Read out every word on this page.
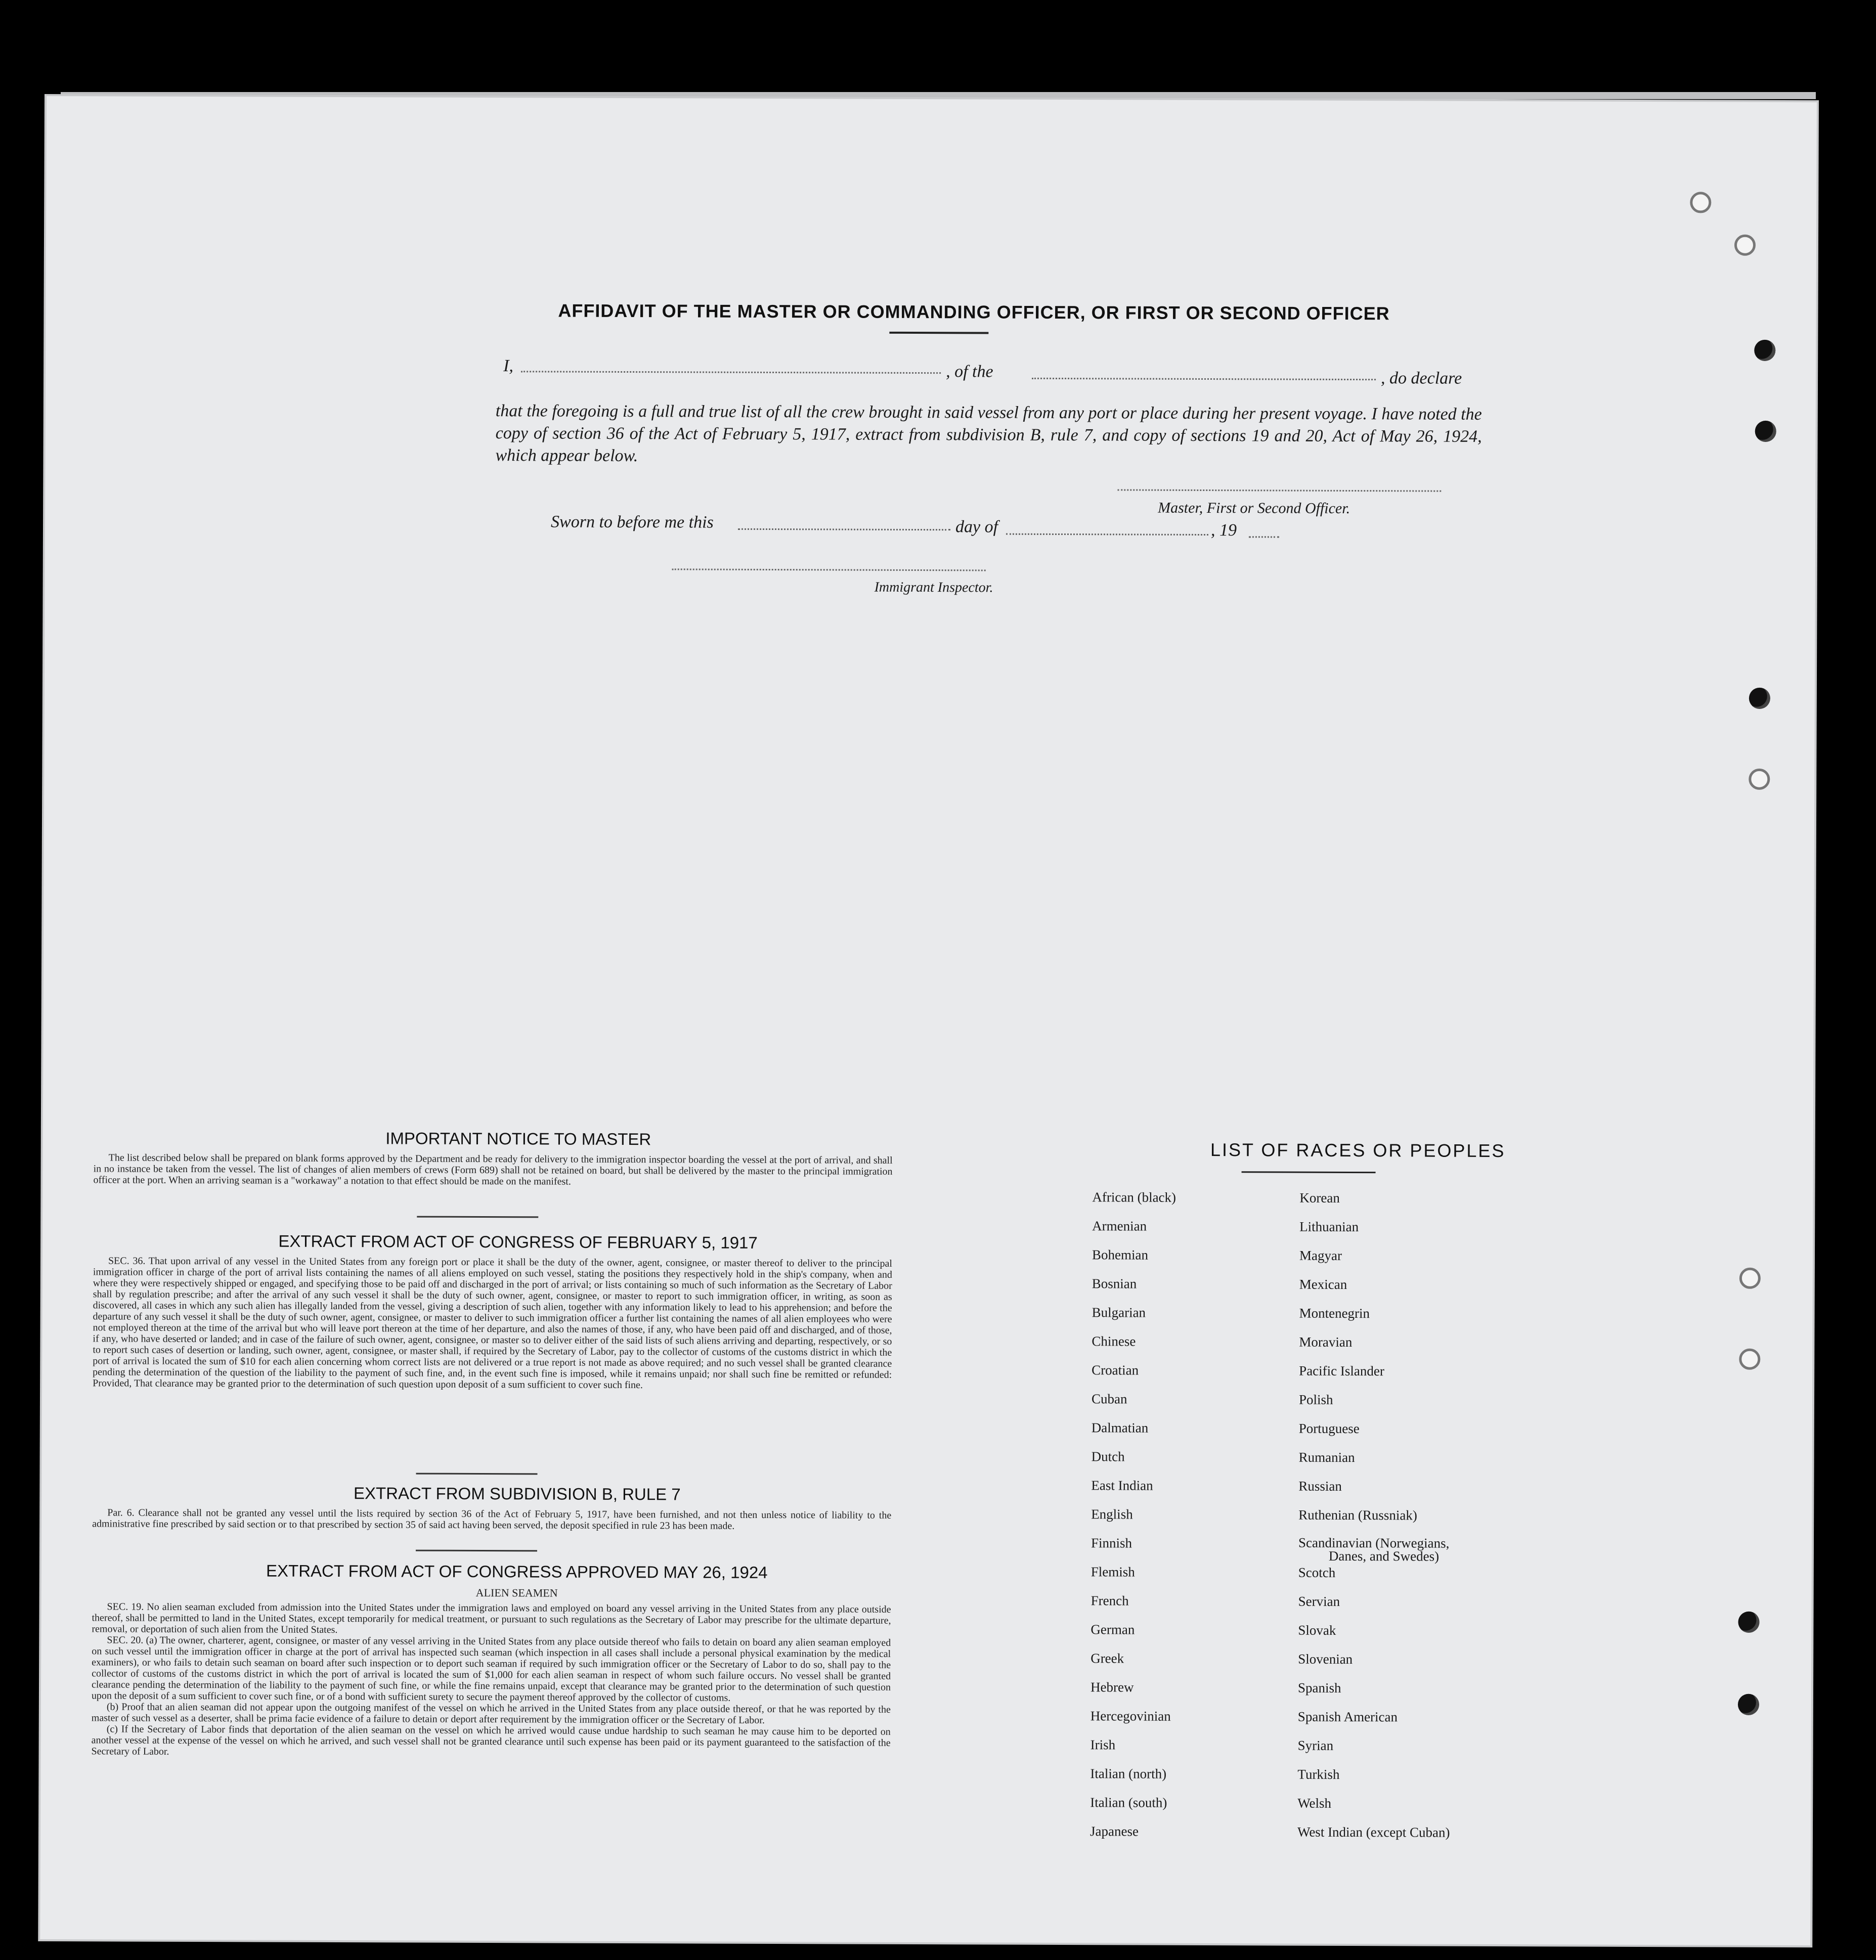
AFFIDAVIT OF THE MASTER OR COMMANDING OFFICER, OR FIRST OR SECOND OFFICER
I,	, of the	, do declare
that the foregoing is a full and true list of all the crew brought in said vessel from any port or place during her present voyage. I have noted the copy of section 36 of the Act of February 5, 1917, extract from subdivision B, rule 7, and copy of sections 19 and 20, Act of May 26, 1924, which appear below.
Master, First or Second Officer.
Sworn to before me this	day of	, 19
Immigrant Inspector.
IMPORTANT NOTICE TO MASTER

The list described below shall be prepared on blank forms approved by the Department and be ready for delivery to the immigration inspector boarding the vessel at the port of arrival, and shall in no instance be taken from the vessel. The list of changes of alien members of crews (Form 689) shall not be retained on board, but shall be delivered by the master to the principal immigration officer at the port. When an arriving seaman is a "workaway" a notation to that effect should be made on the manifest.

EXTRACT FROM ACT OF CONGRESS OF FEBRUARY 5, 1917

SEC. 36. That upon arrival of any vessel in the United States from any foreign port or place it shall be the duty of the owner, agent, consignee, or master thereof to deliver to the principal immigration officer in charge of the port of arrival lists containing the names of all aliens employed on such vessel, stating the positions they respectively hold in the ship's company, when and where they were respectively shipped or engaged, and specifying those to be paid off and discharged in the port of arrival; or lists containing so much of such information as the Secretary of Labor shall by regulation prescribe; and after the arrival of any such vessel it shall be the duty of such owner, agent, consignee, or master to report to such immigration officer, in writing, as soon as discovered, all cases in which any such alien has illegally landed from the vessel, giving a description of such alien, together with any information likely to lead to his apprehension; and before the departure of any such vessel it shall be the duty of such owner, agent, consignee, or master to deliver to such immigration officer a further list containing the names of all alien employees who were not employed thereon at the time of the arrival but who will leave port thereon at the time of her departure, and also the names of those, if any, who have been paid off and discharged, and of those, if any, who have deserted or landed; and in case of the failure of such owner, agent, consignee, or master so to deliver either of the said lists of such aliens arriving and departing, respectively, or so to report such cases of desertion or landing, such owner, agent, consignee, or master shall, if required by the Secretary of Labor, pay to the collector of customs of the customs district in which the port of arrival is located the sum of $10 for each alien concerning whom correct lists are not delivered or a true report is not made as above required; and no such vessel shall be granted clearance pending the determination of the question of the liability to the payment of such fine, and, in the event such fine is imposed, while it remains unpaid; nor shall such fine be remitted or refunded: Provided, That clearance may be granted prior to the determination of such question upon deposit of a sum sufficient to cover such fine.

EXTRACT FROM SUBDIVISION B, RULE 7

Par. 6. Clearance shall not be granted any vessel until the lists required by section 36 of the Act of February 5, 1917, have been furnished, and not then unless notice of liability to the administrative fine prescribed by said section or to that prescribed by section 35 of said act having been served, the deposit specified in rule 23 has been made.

EXTRACT FROM ACT OF CONGRESS APPROVED MAY 26, 1924
ALIEN SEAMEN

SEC. 19. No alien seaman excluded from admission into the United States under the immigration laws and employed on board any vessel arriving in the United States from any place outside thereof, shall be permitted to land in the United States, except temporarily for medical treatment, or pursuant to such regulations as the Secretary of Labor may prescribe for the ultimate departure, removal, or deportation of such alien from the United States.

SEC. 20. (a) The owner, charterer, agent, consignee, or master of any vessel arriving in the United States from any place outside thereof who fails to detain on board any alien seaman employed on such vessel until the immigration officer in charge at the port of arrival has inspected such seaman (which inspection in all cases shall include a personal physical examination by the medical examiners), or who fails to detain such seaman on board after such inspection or to deport such seaman if required by such immigration officer or the Secretary of Labor to do so, shall pay to the collector of customs of the customs district in which the port of arrival is located the sum of $1,000 for each alien seaman in respect of whom such failure occurs. No vessel shall be granted clearance pending the determination of the liability to the payment of such fine, or while the fine remains unpaid, except that clearance may be granted prior to the determination of such question upon the deposit of a sum sufficient to cover such fine, or of a bond with sufficient surety to secure the payment thereof approved by the collector of customs.

(b) Proof that an alien seaman did not appear upon the outgoing manifest of the vessel on which he arrived in the United States from any place outside thereof, or that he was reported by the master of such vessel as a deserter, shall be prima facie evidence of a failure to detain or deport after requirement by the immigration officer or the Secretary of Labor.

(c) If the Secretary of Labor finds that deportation of the alien seaman on the vessel on which he arrived would cause undue hardship to such seaman he may cause him to be deported on another vessel at the expense of the vessel on which he arrived, and such vessel shall not be granted clearance until such expense has been paid or its payment guaranteed to the satisfaction of the Secretary of Labor.

LIST OF RACES OR PEOPLES
African (black)
Armenian
Bohemian
Bosnian
Bulgarian
Chinese
Croatian
Cuban
Dalmatian
Dutch
East Indian
English
Finnish
Flemish
French
German
Greek
Hebrew
Hercegovinian
Irish
Italian (north)
Italian (south)
Japanese
Korean
Lithuanian
Magyar
Mexican
Montenegrin
Moravian
Pacific Islander
Polish
Portuguese
Rumanian
Russian
Ruthenian (Russniak)
Scandinavian (Norwegians,
Danes, and Swedes)
Scotch
Servian
Slovak
Slovenian
Spanish
Spanish American
Syrian
Turkish
Welsh
West Indian (except Cuban)
